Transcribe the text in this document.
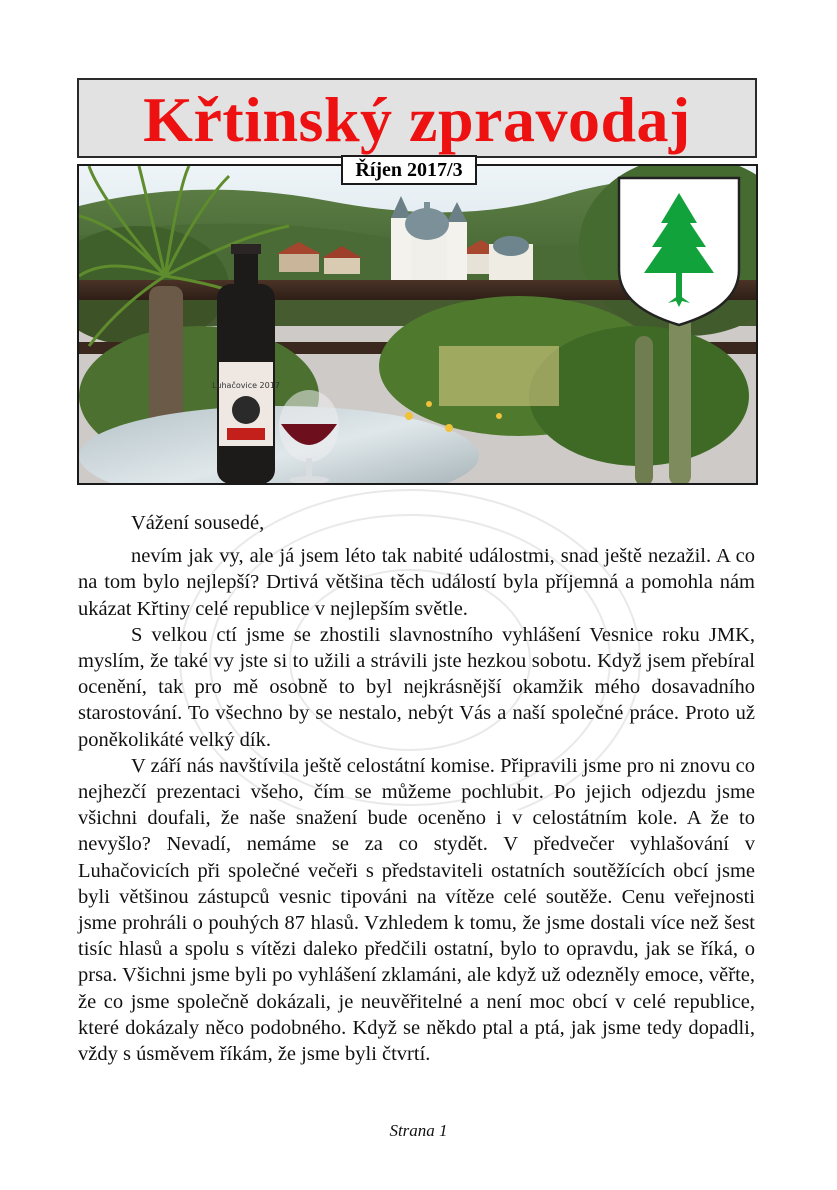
Křtinský zpravodaj
Luhačovice 2017
Říjen 2017/3

Vážení sousedé,

nevím jak vy, ale já jsem léto tak nabité událostmi, snad ještě nezažil. A co na tom bylo nejlepší? Drtivá většina těch událostí byla příjemná a pomohla nám ukázat Křtiny celé republice v nejlepším světle.

S velkou ctí jsme se zhostili slavnostního vyhlášení Vesnice roku JMK, myslím, že také vy jste si to užili a strávili jste hezkou sobotu. Když jsem přebíral ocenění, tak pro mě osobně to byl nejkrásnější okamžik mého dosavadního starostování. To všechno by se nestalo, nebýt Vás a naší společné práce. Proto už poněkolikáté velký dík.

V září nás navštívila ještě celostátní komise. Připravili jsme pro ni znovu co nejhezčí prezentaci všeho, čím se můžeme pochlubit. Po jejich odjezdu jsme všichni doufali, že naše snažení bude oceněno i v celostátním kole. A že to nevyšlo? Nevadí, nemáme se za co stydět. V předvečer vyhlašování v Luhačovicích při společné večeři s představiteli ostatních soutěžících obcí jsme byli většinou zástupců vesnic tipováni na vítěze celé soutěže. Cenu veřejnosti jsme prohráli o pouhých 87 hlasů. Vzhledem k tomu, že jsme dostali více než šest tisíc hlasů a spolu s vítězi daleko předčili ostatní, bylo to opravdu, jak se říká, o prsa. Všichni jsme byli po vyhlášení zklamáni, ale když už odezněly emoce, věřte, že co jsme společně dokázali, je neuvěřitelné a není moc obcí v celé republice, které dokázaly něco podobného. Když se někdo ptal a ptá, jak jsme tedy dopadli, vždy s úsměvem říkám, že jsme byli čtvrtí.

Strana 1
